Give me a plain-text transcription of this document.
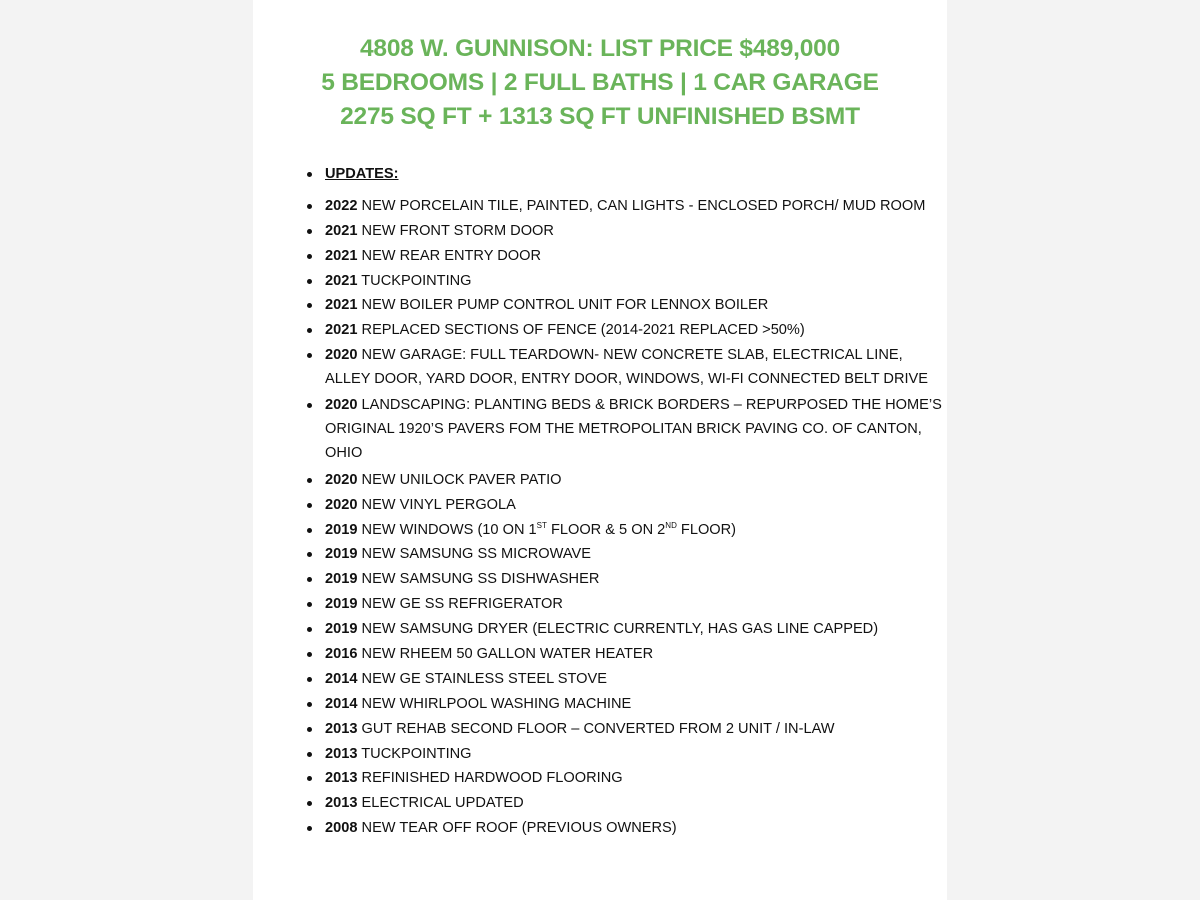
4808 W. GUNNISON: LIST PRICE $489,000
5 BEDROOMS | 2 FULL BATHS | 1 CAR GARAGE
2275 SQ FT + 1313 SQ FT UNFINISHED BSMT
UPDATES:
2022 NEW PORCELAIN TILE, PAINTED, CAN LIGHTS - ENCLOSED PORCH/ MUD ROOM
2021 NEW FRONT STORM DOOR
2021 NEW REAR ENTRY DOOR
2021 TUCKPOINTING
2021 NEW BOILER PUMP CONTROL UNIT FOR LENNOX BOILER
2021 REPLACED SECTIONS OF FENCE (2014-2021 REPLACED >50%)
2020 NEW GARAGE: FULL TEARDOWN- NEW CONCRETE SLAB, ELECTRICAL LINE,
ALLEY DOOR, YARD DOOR, ENTRY DOOR, WINDOWS, WI-FI CONNECTED BELT DRIVE
2020 LANDSCAPING: PLANTING BEDS & BRICK BORDERS – REPURPOSED THE HOME’S
ORIGINAL 1920’S PAVERS FOM THE METROPOLITAN BRICK PAVING CO. OF CANTON,
OHIO
2020 NEW UNILOCK PAVER PATIO
2020 NEW VINYL PERGOLA
2019 NEW WINDOWS (10 ON 1ST FLOOR & 5 ON 2ND FLOOR)
2019 NEW SAMSUNG SS MICROWAVE
2019 NEW SAMSUNG SS DISHWASHER
2019 NEW GE SS REFRIGERATOR
2019 NEW SAMSUNG DRYER (ELECTRIC CURRENTLY, HAS GAS LINE CAPPED)
2016 NEW RHEEM 50 GALLON WATER HEATER
2014 NEW GE STAINLESS STEEL STOVE
2014 NEW WHIRLPOOL WASHING MACHINE
2013 GUT REHAB SECOND FLOOR – CONVERTED FROM 2 UNIT / IN-LAW
2013 TUCKPOINTING
2013 REFINISHED HARDWOOD FLOORING
2013 ELECTRICAL UPDATED
2008 NEW TEAR OFF ROOF (PREVIOUS OWNERS)
